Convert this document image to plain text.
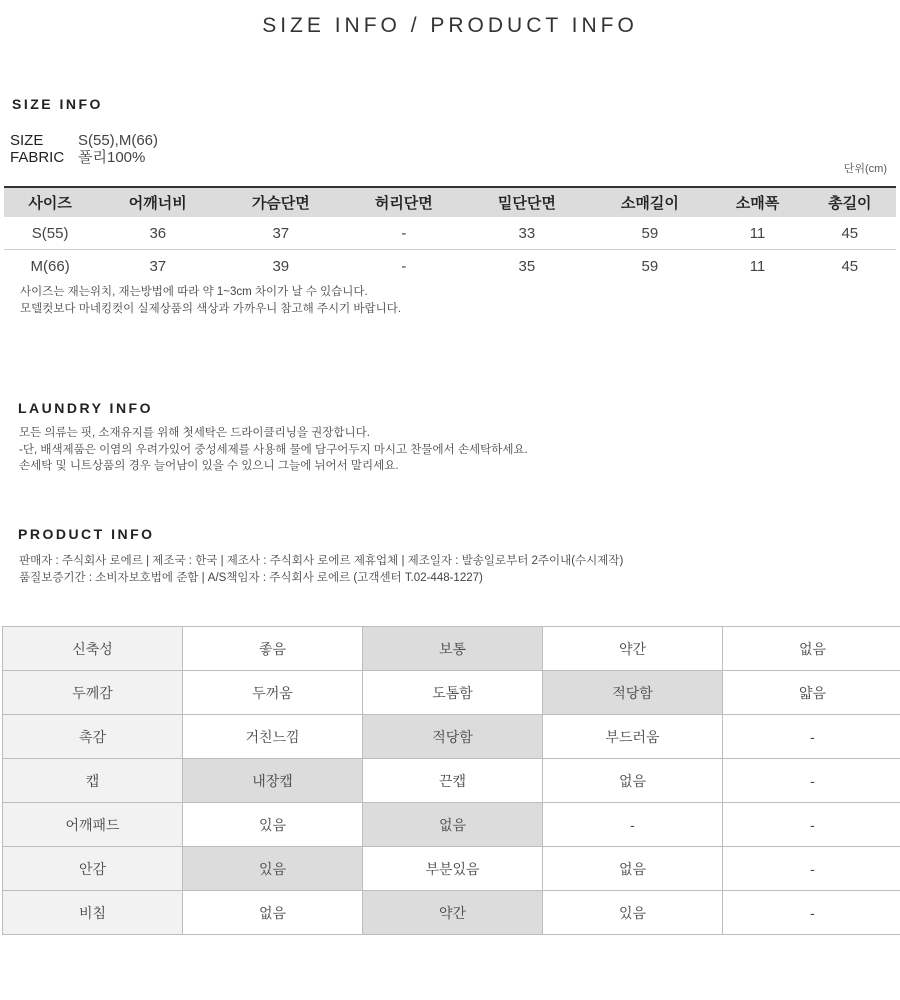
SIZE INFO / PRODUCT INFO
SIZE INFO
SIZE	S(55),M(66)
FABRIC 폴리100%
단위(cm)
사이즈	어깨너비	가슴단면	허리단면	밑단단면	소매길이	소매폭	총길이
S(55)	36	37	-	33	59	11	45
M(66)	37	39	-	35	59	11	45
사이즈는 재는위치, 재는방법에 따라 약 1~3cm 차이가 날 수 있습니다.
모델컷보다 마네킹컷이 실제상품의 색상과 가까우니 참고해 주시기 바랍니다.
LAUNDRY INFO
모든 의류는 핏, 소재유지를 위해 첫세탁은 드라이클리닝을 권장합니다.
-단, 배색제품은 이염의 우려가있어 중성세제를 사용해 물에 담구어두지 마시고 찬물에서 손세탁하세요.
손세탁 및 니트상품의 경우 늘어남이 있을 수 있으니 그늘에 뉘어서 말리세요.
PRODUCT INFO
판매자 : 주식회사 로에르 | 제조국 : 한국 | 제조사 : 주식회사 로에르 제휴업체 | 제조일자 : 발송일로부터 2주이내(수시제작)
품질보증기간 : 소비자보호법에 준함 | A/S책임자 : 주식회사 로에르 (고객센터 T.02-448-1227)
신축성	좋음	보통	약간	없음
두께감	두꺼움	도톰함	적당함	얇음
촉감	거친느낌	적당함	부드러움	-
캡	내장캡	끈캡	없음	-
어깨패드	있음	없음	-	-
안감	있음	부분있음	없음	-
비침	없음	약간	있음	-
